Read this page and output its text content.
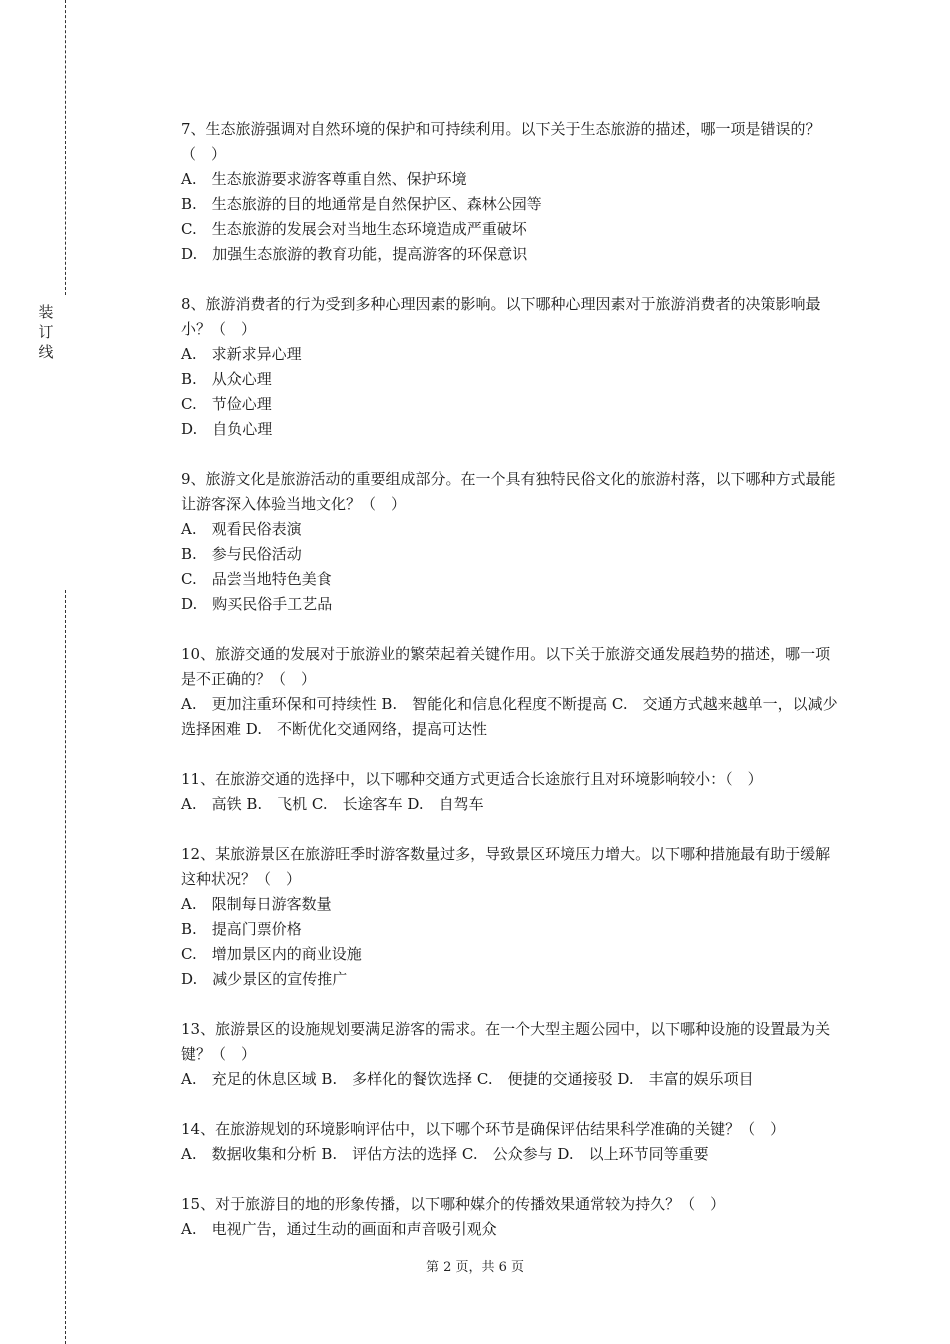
装
订
线

7、生态旅游强调对自然环境的保护和可持续利用。以下关于生态旅游的描述，哪一项是错误的？（　）

A.　生态旅游要求游客尊重自然、保护环境

B.　生态旅游的目的地通常是自然保护区、森林公园等

C.　生态旅游的发展会对当地生态环境造成严重破坏

D.　加强生态旅游的教育功能，提高游客的环保意识

8、旅游消费者的行为受到多种心理因素的影响。以下哪种心理因素对于旅游消费者的决策影响最小？（　）

A.　求新求异心理

B.　从众心理

C.　节俭心理

D.　自负心理

9、旅游文化是旅游活动的重要组成部分。在一个具有独特民俗文化的旅游村落，以下哪种方式最能让游客深入体验当地文化？（　）

A.　观看民俗表演

B.　参与民俗活动

C.　品尝当地特色美食

D.　购买民俗手工艺品

10、旅游交通的发展对于旅游业的繁荣起着关键作用。以下关于旅游交通发展趋势的描述，哪一项是不正确的？（　）

A.　更加注重环保和可持续性 B.　智能化和信息化程度不断提高 C.　交通方式越来越单一，以减少选择困难 D.　不断优化交通网络，提高可达性

11、在旅游交通的选择中，以下哪种交通方式更适合长途旅行且对环境影响较小：（　）

A.　高铁 B.　飞机 C.　长途客车 D.　自驾车

12、某旅游景区在旅游旺季时游客数量过多，导致景区环境压力增大。以下哪种措施最有助于缓解这种状况？（　）

A.　限制每日游客数量

B.　提高门票价格

C.　增加景区内的商业设施

D.　减少景区的宣传推广

13、旅游景区的设施规划要满足游客的需求。在一个大型主题公园中，以下哪种设施的设置最为关键？（　）

A.　充足的休息区域 B.　多样化的餐饮选择 C.　便捷的交通接驳 D.　丰富的娱乐项目

14、在旅游规划的环境影响评估中，以下哪个环节是确保评估结果科学准确的关键？（　）

A.　数据收集和分析 B.　评估方法的选择 C.　公众参与 D.　以上环节同等重要

15、对于旅游目的地的形象传播，以下哪种媒介的传播效果通常较为持久？（　）

A.　电视广告，通过生动的画面和声音吸引观众

第 2 页，共 6 页
